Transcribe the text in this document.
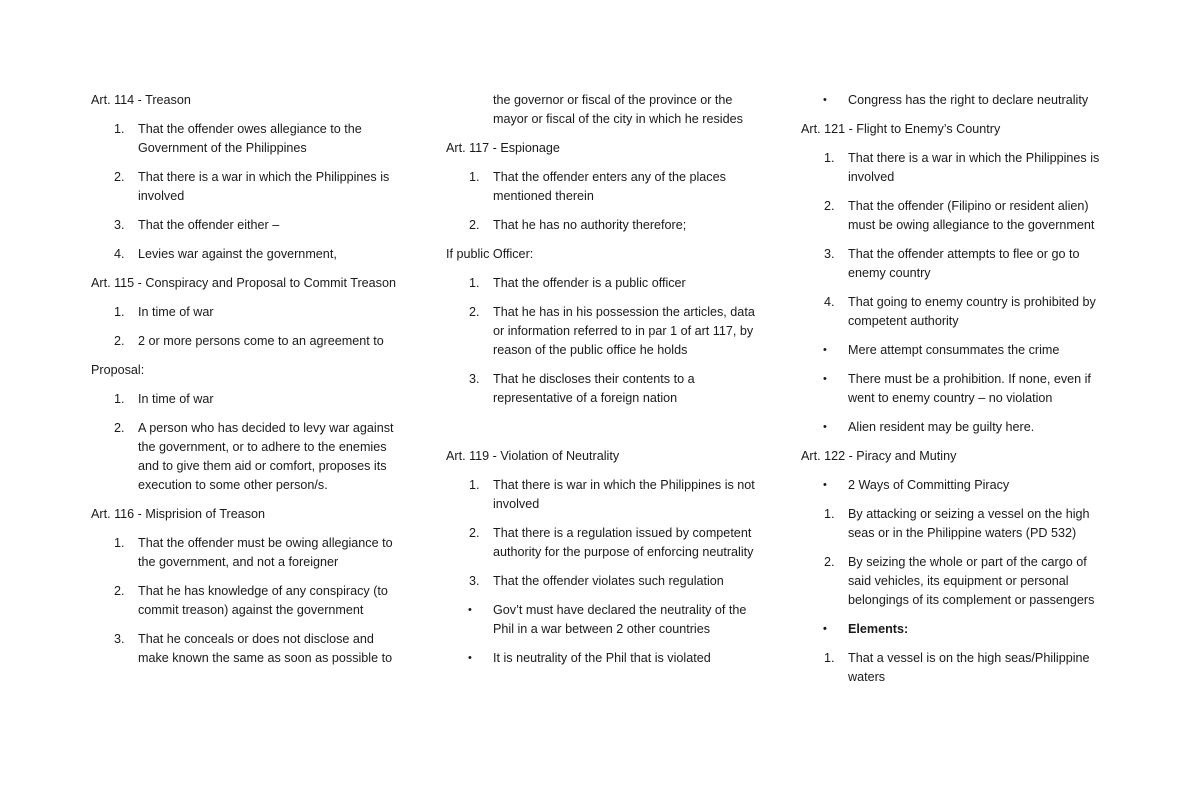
Art. 114 - Treason
1. That the offender owes allegiance to the Government of the Philippines
2. That there is a war in which the Philippines is involved
3. That the offender either –
4. Levies war against the government,
Art. 115 - Conspiracy and Proposal to Commit Treason
1. In time of war
2. 2 or more persons come to an agreement to
Proposal:
1. In time of war
2. A person who has decided to levy war against the government, or to adhere to the enemies and to give them aid or comfort, proposes its execution to some other person/s.
Art. 116 - Misprision of Treason
1. That the offender must be owing allegiance to the government, and not a foreigner
2. That he has knowledge of any conspiracy (to commit treason) against the government
3. That he conceals or does not disclose and make known the same as soon as possible to
the governor or fiscal of the province or the mayor or fiscal of the city in which he resides
Art. 117 - Espionage
1. That the offender enters any of the places mentioned therein
2. That he has no authority therefore;
If public Officer:
1. That the offender is a public officer
2. That he has in his possession the articles, data or information referred to in par 1 of art 117, by reason of the public office he holds
3. That he discloses their contents to a representative of a foreign nation
Art. 119 - Violation of Neutrality
1. That there is war in which the Philippines is not involved
2. That there is a regulation issued by competent authority for the purpose of enforcing neutrality
3. That the offender violates such regulation
• Gov’t must have declared the neutrality of the Phil in a war between 2 other countries
• It is neutrality of the Phil that is violated
• Congress has the right to declare neutrality
Art. 121 - Flight to Enemy’s Country
1. That there is a war in which the Philippines is involved
2. That the offender (Filipino or resident alien) must be owing allegiance to the government
3. That the offender attempts to flee or go to enemy country
4. That going to enemy country is prohibited by competent authority
• Mere attempt consummates the crime
• There must be a prohibition. If none, even if went to enemy country – no violation
• Alien resident may be guilty here.
Art. 122 - Piracy and Mutiny
• 2 Ways of Committing Piracy
1. By attacking or seizing a vessel on the high seas or in the Philippine waters (PD 532)
2. By seizing the whole or part of the cargo of said vehicles, its equipment or personal belongings of its complement or passengers
• Elements:
1. That a vessel is on the high seas/Philippine waters
